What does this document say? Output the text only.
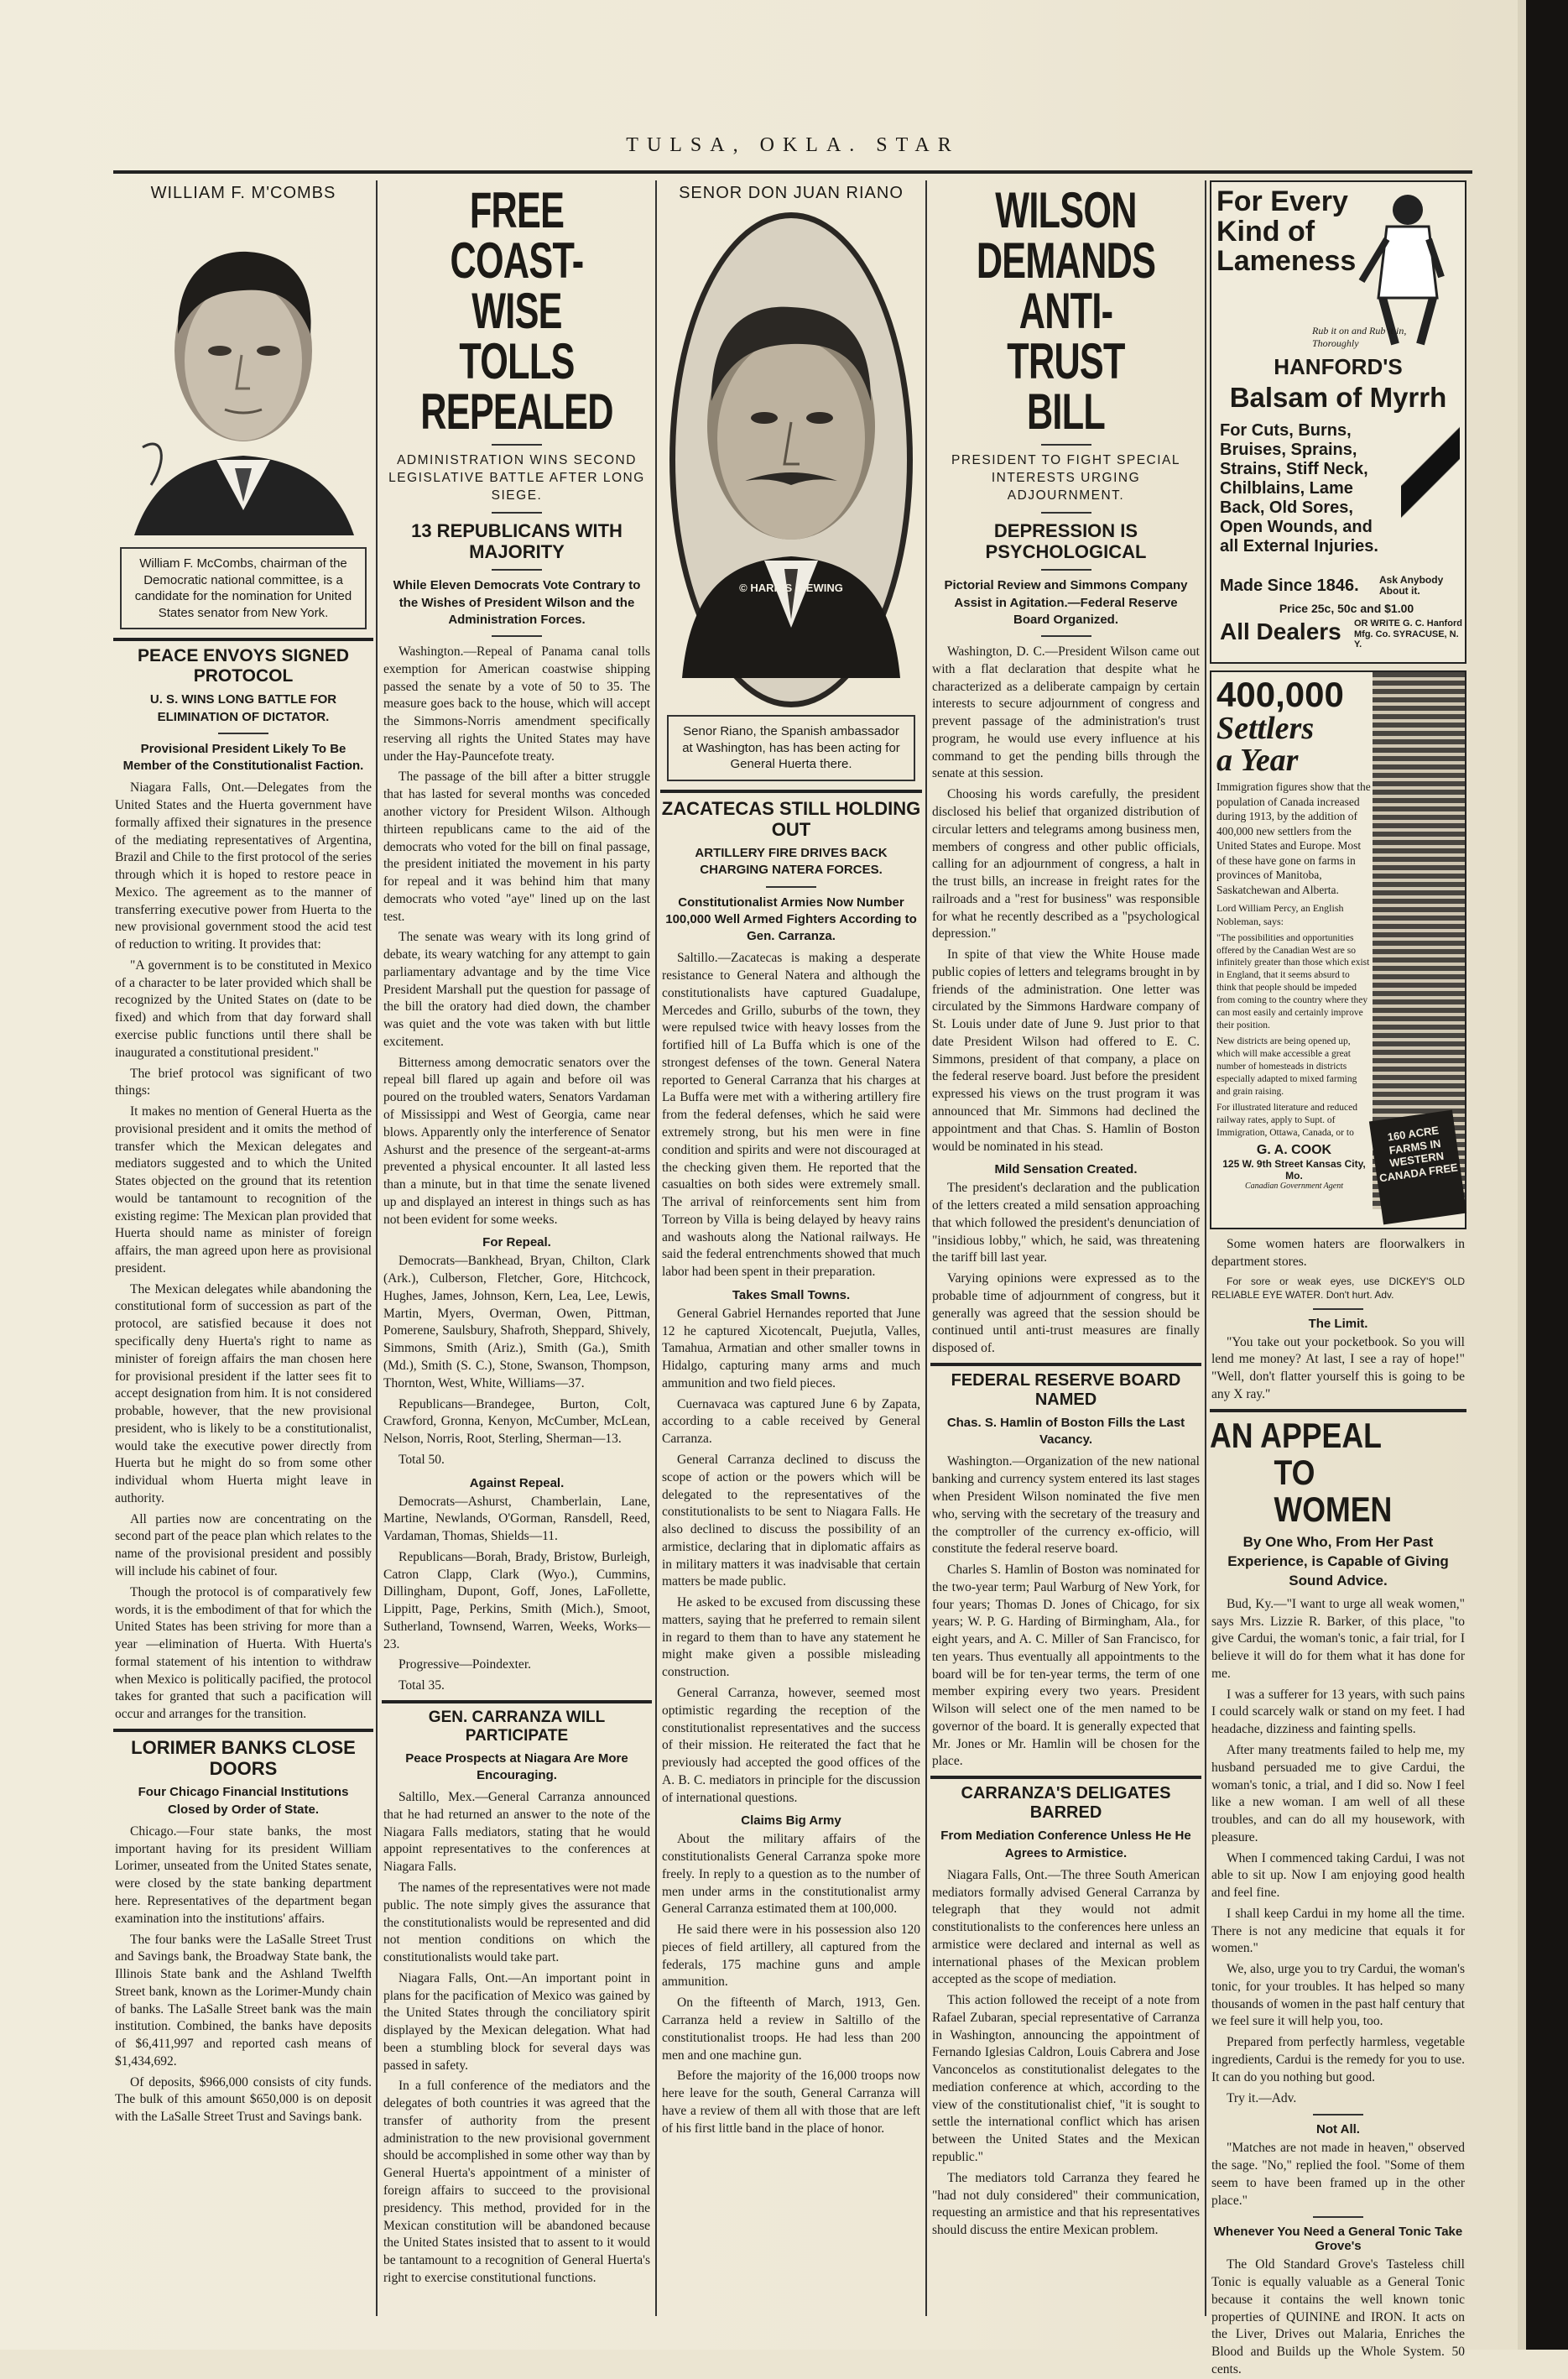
TULSA, OKLA. STAR
WILLIAM F. M'COMBS
William F. McCombs, chairman of the Democratic national committee, is a candidate for the nomination for United States senator from New York.
PEACE ENVOYS SIGNED PROTOCOL
U. S. WINS LONG BATTLE FOR ELIMINATION OF DICTATOR.
Provisional President Likely To Be Member of the Constitutionalist Faction.

Niagara Falls, Ont.—Delegates from the United States and the Huerta government have formally affixed their signatures in the presence of the mediating representatives of Argentina, Brazil and Chile to the first protocol of the series through which it is hoped to restore peace in Mexico. The agreement as to the manner of transferring executive power from Huerta to the new provisional government stood the acid test of reduction to writing. It provides that:

"A government is to be constituted in Mexico of a character to be later provided which shall be recognized by the United States on (date to be fixed) and which from that day forward shall exercise public functions until there shall be inaugurated a constitutional president."

The brief protocol was significant of two things:

It makes no mention of General Huerta as the provisional president and it omits the method of transfer which the Mexican delegates and mediators suggested and to which the United States objected on the ground that its retention would be tantamount to recognition of the existing regime: The Mexican plan provided that Huerta should name as minister of foreign affairs, the man agreed upon here as provisional president.

The Mexican delegates while abandoning the constitutional form of succession as part of the protocol, are satisfied because it does not specifically deny Huerta's right to name as minister of foreign affairs the man chosen here for provisional president if the latter sees fit to accept designation from him. It is not considered probable, however, that the new provisional president, who is likely to be a constitutionalist, would take the executive power directly from Huerta but he might do so from some other individual whom Huerta might leave in authority.

All parties now are concentrating on the second part of the peace plan which relates to the name of the provisional president and possibly will include his cabinet of four.

Though the protocol is of comparatively few words, it is the embodiment of that for which the United States has been striving for more than a year —elimination of Huerta. With Huerta's formal statement of his intention to withdraw when Mexico is politically pacified, the protocol takes for granted that such a pacification will occur and arranges for the transition.

LORIMER BANKS CLOSE DOORS
Four Chicago Financial Institutions Closed by Order of State.

Chicago.—Four state banks, the most important having for its president William Lorimer, unseated from the United States senate, were closed by the state banking department here. Representatives of the department began examination into the institutions' affairs.

The four banks were the LaSalle Street Trust and Savings bank, the Broadway State bank, the Illinois State bank and the Ashland Twelfth Street bank, known as the Lorimer-Mundy chain of banks. The LaSalle Street bank was the main institution. Combined, the banks have deposits of $6,411,997 and reported cash means of $1,434,692.

Of deposits, $966,000 consists of city funds. The bulk of this amount $650,000 is on deposit with the LaSalle Street Trust and Savings bank.

FREE COAST-WISE
TOLLS REPEALED
ADMINISTRATION WINS SECOND LEGISLATIVE BATTLE AFTER LONG SIEGE.
13 REPUBLICANS WITH MAJORITY
While Eleven Democrats Vote Contrary to the Wishes of President Wilson and the Administration Forces.

Washington.—Repeal of Panama canal tolls exemption for American coastwise shipping passed the senate by a vote of 50 to 35. The measure goes back to the house, which will accept the Simmons-Norris amendment specifically reserving all rights the United States may have under the Hay-Pauncefote treaty.

The passage of the bill after a bitter struggle that has lasted for several months was conceded another victory for President Wilson. Although thirteen republicans came to the aid of the democrats who voted for the bill on final passage, the president initiated the movement in his party for repeal and it was behind him that many democrats who voted "aye" lined up on the last test.

The senate was weary with its long grind of debate, its weary watching for any attempt to gain parliamentary advantage and by the time Vice President Marshall put the question for passage of the bill the oratory had died down, the chamber was quiet and the vote was taken with but little excitement.

Bitterness among democratic senators over the repeal bill flared up again and before oil was poured on the troubled waters, Senators Vardaman of Mississippi and West of Georgia, came near blows. Apparently only the interference of Senator Ashurst and the presence of the sergeant-at-arms prevented a physical encounter. It all lasted less than a minute, but in that time the senate livened up and displayed an interest in things such as has not been evident for some weeks.

For Repeal.

Democrats—Bankhead, Bryan, Chilton, Clark (Ark.), Culberson, Fletcher, Gore, Hitchcock, Hughes, James, Johnson, Kern, Lea, Lee, Lewis, Martin, Myers, Overman, Owen, Pittman, Pomerene, Saulsbury, Shafroth, Sheppard, Shively, Simmons, Smith (Ariz.), Smith (Ga.), Smith (Md.), Smith (S. C.), Stone, Swanson, Thompson, Thornton, West, White, Williams—37.

Republicans—Brandegee, Burton, Colt, Crawford, Gronna, Kenyon, McCumber, McLean, Nelson, Norris, Root, Sterling, Sherman—13.

Total 50.

Against Repeal.

Democrats—Ashurst, Chamberlain, Lane, Martine, Newlands, O'Gorman, Ransdell, Reed, Vardaman, Thomas, Shields—11.

Republicans—Borah, Brady, Bristow, Burleigh, Catron Clapp, Clark (Wyo.), Cummins, Dillingham, Dupont, Goff, Jones, LaFollette, Lippitt, Page, Perkins, Smith (Mich.), Smoot, Sutherland, Townsend, Warren, Weeks, Works—23.

Progressive—Poindexter.

Total 35.

GEN. CARRANZA WILL PARTICIPATE
Peace Prospects at Niagara Are More Encouraging.

Saltillo, Mex.—General Carranza announced that he had returned an answer to the note of the Niagara Falls mediators, stating that he would appoint representatives to the conferences at Niagara Falls.

The names of the representatives were not made public. The note simply gives the assurance that the constitutionalists would be represented and did not mention conditions on which the constitutionalists would take part.

Niagara Falls, Ont.—An important point in plans for the pacification of Mexico was gained by the United States through the conciliatory spirit displayed by the Mexican delegation. What had been a stumbling block for several days was passed in safety.

In a full conference of the mediators and the delegates of both countries it was agreed that the transfer of authority from the present administration to the new provisional government should be accomplished in some other way than by General Huerta's appointment of a minister of foreign affairs to succeed to the provisional presidency. This method, provided for in the Mexican constitution will be abandoned because the United States insisted that to assent to it would be tantamount to a recognition of General Huerta's right to exercise constitutional functions.

SENOR DON JUAN RIANO
© HARRIS & EWING
Senor Riano, the Spanish ambassador at Washington, has has been acting for General Huerta there.
ZACATECAS STILL HOLDING OUT
ARTILLERY FIRE DRIVES BACK CHARGING NATERA FORCES.
Constitutionalist Armies Now Number 100,000 Well Armed Fighters According to Gen. Carranza.

Saltillo.—Zacatecas is making a desperate resistance to General Natera and although the constitutionalists have captured Guadalupe, Mercedes and Grillo, suburbs of the town, they were repulsed twice with heavy losses from the fortified hill of La Buffa which is one of the strongest defenses of the town. General Natera reported to General Carranza that his charges at La Buffa were met with a withering artillery fire from the federal defenses, which he said were extremely strong, but his men were in fine condition and spirits and were not discouraged at the checking given them. He reported that the casualties on both sides were extremely small. The arrival of reinforcements sent him from Torreon by Villa is being delayed by heavy rains and washouts along the National railways. He said the federal entrenchments showed that much labor had been spent in their preparation.

Takes Small Towns.

General Gabriel Hernandes reported that June 12 he captured Xicotencalt, Puejutla, Valles, Tamahua, Armatian and other smaller towns in Hidalgo, capturing many arms and much ammunition and two field pieces.

Cuernavaca was captured June 6 by Zapata, according to a cable received by General Carranza.

General Carranza declined to discuss the scope of action or the powers which will be delegated to the representatives of the constitutionalists to be sent to Niagara Falls. He also declined to discuss the possibility of an armistice, declaring that in diplomatic affairs as in military matters it was inadvisable that certain matters be made public.

He asked to be excused from discussing these matters, saying that he preferred to remain silent in regard to them than to have any statement he might make given a possible misleading construction.

General Carranza, however, seemed most optimistic regarding the reception of the constitutionalist representatives and the success of their mission. He reiterated the fact that he previously had accepted the good offices of the A. B. C. mediators in principle for the discussion of international questions.

Claims Big Army

About the military affairs of the constitutionalists General Carranza spoke more freely. In reply to a question as to the number of men under arms in the constitutionalist army General Carranza estimated them at 100,000.

He said there were in his possession also 120 pieces of field artillery, all captured from the federals, 175 machine guns and ample ammunition.

On the fifteenth of March, 1913, Gen. Carranza held a review in Saltillo of the constitutionalist troops. He had less than 200 men and one machine gun.

Before the majority of the 16,000 troops now here leave for the south, General Carranza will have a review of them all with those that are left of his first little band in the place of honor.

WILSON DEMANDS
ANTI-TRUST BILL
PRESIDENT TO FIGHT SPECIAL INTERESTS URGING ADJOURNMENT.
DEPRESSION IS PSYCHOLOGICAL
Pictorial Review and Simmons Company Assist in Agitation.—Federal Reserve Board Organized.

Washington, D. C.—President Wilson came out with a flat declaration that despite what he characterized as a deliberate campaign by certain interests to secure adjournment of congress and prevent passage of the administration's trust program, he would use every influence at his command to get the pending bills through the senate at this session.

Choosing his words carefully, the president disclosed his belief that organized distribution of circular letters and telegrams among business men, members of congress and other public officials, calling for an adjournment of congress, a halt in the trust bills, an increase in freight rates for the railroads and a "rest for business" was responsible for what he recently described as a "psychological depression."

In spite of that view the White House made public copies of letters and telegrams brought in by friends of the administration. One letter was circulated by the Simmons Hardware company of St. Louis under date of June 9. Just prior to that date President Wilson had offered to E. C. Simmons, president of that company, a place on the federal reserve board. Just before the president expressed his views on the trust program it was announced that Mr. Simmons had declined the appointment and that Chas. S. Hamlin of Boston would be nominated in his stead.

Mild Sensation Created.

The president's declaration and the publication of the letters created a mild sensation approaching that which followed the president's denunciation of "insidious lobby," which, he said, was threatening the tariff bill last year.

Varying opinions were expressed as to the probable time of adjournment of congress, but it generally was agreed that the session should be continued until anti-trust measures are finally disposed of.

FEDERAL RESERVE BOARD NAMED
Chas. S. Hamlin of Boston Fills the Last Vacancy.

Washington.—Organization of the new national banking and currency system entered its last stages when President Wilson nominated the five men who, serving with the secretary of the treasury and the comptroller of the currency ex-officio, will constitute the federal reserve board.

Charles S. Hamlin of Boston was nominated for the two-year term; Paul Warburg of New York, for four years; Thomas D. Jones of Chicago, for six years; W. P. G. Harding of Birmingham, Ala., for eight years, and A. C. Miller of San Francisco, for ten years. Thus eventually all appointments to the board will be for ten-year terms, the term of one member expiring every two years. President Wilson will select one of the men named to be governor of the board. It is generally expected that Mr. Jones or Mr. Hamlin will be chosen for the place.

CARRANZA'S DELIGATES BARRED
From Mediation Conference Unless He He Agrees to Armistice.

Niagara Falls, Ont.—The three South American mediators formally advised General Carranza by telegraph that they would not admit constitutionalists to the conferences here unless an armistice were declared and internal as well as international phases of the Mexican problem accepted as the scope of mediation.

This action followed the receipt of a note from Rafael Zubaran, special representative of Carranza in Washington, announcing the appointment of Fernando Iglesias Caldron, Louis Cabrera and Jose Vanconcelos as constitutionalist delegates to the mediation conference at which, according to the view of the constitutionalist chief, "it is sought to settle the international conflict which has arisen between the United States and the Mexican republic."

The mediators told Carranza they feared he "had not duly considered" their communication, requesting an armistice and that his representatives should discuss the entire Mexican problem.

For Every
Kind of
Lameness
Rub it on and Rub it in, Thoroughly
HANFORD'S
Balsam of Myrrh
For Cuts, Burns, Bruises, Sprains, Strains, Stiff Neck, Chilblains, Lame Back, Old Sores, Open Wounds, and all External Injuries.
Made Since 1846. Ask Anybody About it.
Price 25c, 50c and $1.00
All Dealers OR WRITE G. C. Hanford Mfg. Co. SYRACUSE, N. Y.
400,000
Settlers
a Year
Immigration figures show that the population of Canada increased during 1913, by the addition of 400,000 new settlers from the United States and Europe. Most of these have gone on farms in provinces of Manitoba, Saskatchewan and Alberta.
Lord William Percy, an English Nobleman, says:
"The possibilities and opportunities offered by the Canadian West are so infinitely greater than those which exist in England, that it seems absurd to think that people should be impeded from coming to the country where they can most easily and certainly improve their position.
New districts are being opened up, which will make accessible a great number of homesteads in districts especially adapted to mixed farming and grain raising.
For illustrated literature and reduced railway rates, apply to Supt. of Immigration, Ottawa, Canada, or to
G. A. COOK
125 W. 9th Street Kansas City, Mo.
Canadian Government Agent
160 ACRE FARMS IN WESTERN CANADA FREE

Some women haters are floorwalkers in department stores.

For sore or weak eyes, use DICKEY'S OLD RELIABLE EYE WATER. Don't hurt. Adv.

The Limit.

"You take out your pocketbook. So you will lend me money? At last, I see a ray of hope!" "Well, don't flatter yourself this is going to be any X ray."

AN APPEAL
TO WOMEN
By One Who, From Her Past Experience, is Capable of Giving Sound Advice.

Bud, Ky.—"I want to urge all weak women," says Mrs. Lizzie R. Barker, of this place, "to give Cardui, the woman's tonic, a fair trial, for I believe it will do for them what it has done for me.

I was a sufferer for 13 years, with such pains I could scarcely walk or stand on my feet. I had headache, dizziness and fainting spells.

After many treatments failed to help me, my husband persuaded me to give Cardui, the woman's tonic, a trial, and I did so. Now I feel like a new woman. I am well of all these troubles, and can do all my housework, with pleasure.

When I commenced taking Cardui, I was not able to sit up. Now I am enjoying good health and feel fine.

I shall keep Cardui in my home all the time. There is not any medicine that equals it for women."

We, also, urge you to try Cardui, the woman's tonic, for your troubles. It has helped so many thousands of women in the past half century that we feel sure it will help you, too.

Prepared from perfectly harmless, vegetable ingredients, Cardui is the remedy for you to use. It can do you nothing but good.

Try it.—Adv.

Not All.

"Matches are not made in heaven," observed the sage. "No," replied the fool. "Some of them seem to have been framed up in the other place."

Whenever You Need a General Tonic Take Grove's

The Old Standard Grove's Tasteless chill Tonic is equally valuable as a General Tonic because it contains the well known tonic properties of QUININE and IRON. It acts on the Liver, Drives out Malaria, Enriches the Blood and Builds up the Whole System. 50 cents.
